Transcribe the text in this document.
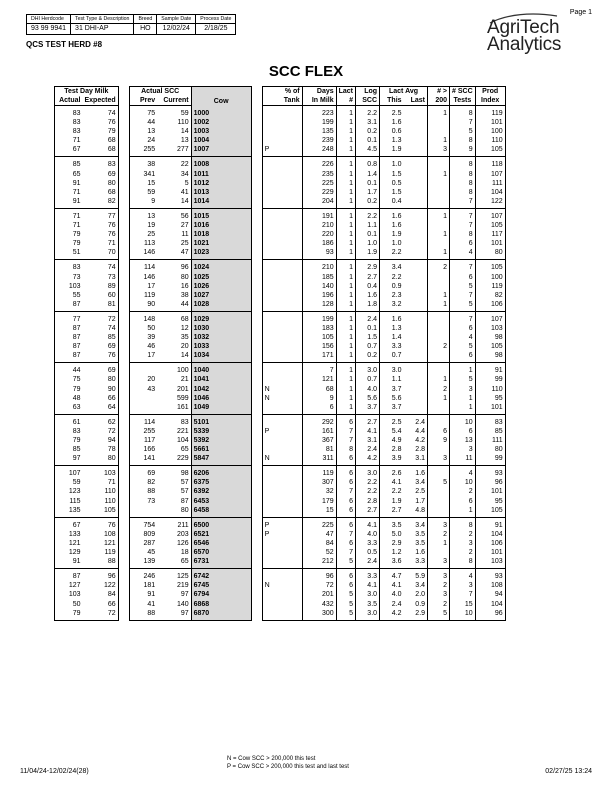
Page 1
DHI Herdcode	Test Type & Description	Breed	Sample Date	Process Date
93 99 9941	31 DHI-AP	HO	12/02/24	2/18/25
QCS TEST HERD #8
AgriTech
Analytics
SCC FLEX
Test Day Milk			Actual SCC		Cow			% of	Days	Lact	Log	Lact Avg		# >	# SCC	Prod
Actual	Expected		Prev	Current				Tank	In Milk	#	SCC	This	Last	200	Tests	Index
83	74		75	59	1000				223	1	2.2	2.5		1	8	119
83	76		44	110	1002				199	1	3.1	1.6			7	101
83	79		13	14	1003				135	1	0.2	0.6			5	100
71	68		24	13	1004				239	1	0.1	1.3		1	8	110
67	68		255	277	1007		P		248	1	4.5	1.9		3	9	105
85	83		38	22	1008				226	1	0.8	1.0			8	118
65	69		341	34	1011				235	1	1.4	1.5		1	8	107
91	80		15	5	1012				225	1	0.1	0.5			8	111
71	68		59	41	1013				229	1	1.7	1.5			8	104
91	82		9	14	1014				204	1	0.2	0.4			7	122
71	77		13	56	1015				191	1	2.2	1.6		1	7	107
71	76		19	27	1016				210	1	1.1	1.6			7	105
79	76		25	11	1018				220	1	0.1	1.9		1	8	117
79	71		113	25	1021				186	1	1.0	1.0			6	101
51	70		146	47	1023				93	1	1.9	2.2		1	4	80
83	74		114	96	1024				210	1	2.9	3.4		2	7	105
73	73		146	80	1025				185	1	2.7	2.2			6	100
103	89		17	16	1026				140	1	0.4	0.9			5	119
55	60		119	38	1027				196	1	1.6	2.3		1	7	82
87	81		90	44	1028				128	1	1.8	3.2		1	5	106
77	72		148	68	1029				199	1	2.4	1.6			7	107
87	74		50	12	1030				183	1	0.1	1.3			6	103
87	85		39	35	1032				105	1	1.5	1.4			4	98
87	69		46	20	1033				156	1	0.7	3.3		2	5	105
87	76		17	14	1034				171	1	0.2	0.7			6	98
44	69			100	1040				7	1	3.0	3.0			1	91
75	80		20	21	1041				121	1	0.7	1.1		1	5	99
79	90		43	201	1042		N		68	1	4.0	3.7		2	3	110
48	66			599	1046		N		9	1	5.6	5.6		1	1	95
63	64			161	1049				6	1	3.7	3.7			1	101
61	62		114	83	5101				292	6	2.7	2.5	2.4		10	83
83	72		255	221	5339		P		161	7	4.1	5.4	4.4	6	6	85
79	94		117	104	5392				367	7	3.1	4.9	4.2	9	13	111
85	78		166	65	5661				81	8	2.4	2.8	2.8		3	80
97	80		141	229	5847		N		311	6	4.2	3.9	3.1	3	11	99
107	103		69	98	6206				119	6	3.0	2.6	1.6		4	93
59	71		82	57	6375				307	6	2.2	4.1	3.4	5	10	96
123	110		88	57	6392				32	7	2.2	2.2	2.5		2	101
115	110		73	87	6453				179	6	2.8	1.9	1.7		6	95
135	105			80	6458				15	6	2.7	2.7	4.8		1	105
67	76		754	211	6500		P		225	6	4.1	3.5	3.4	3	8	91
133	108		809	203	6521		P		47	7	4.0	5.0	3.5	2	2	104
121	121		287	126	6546				84	6	3.3	2.9	3.5	1	3	106
129	119		45	18	6570				52	7	0.5	1.2	1.6		2	101
91	88		139	65	6731				212	5	2.4	3.6	3.3	3	8	103
87	96		246	125	6742				96	6	3.3	4.7	5.9	3	4	93
127	122		181	219	6745		N		72	6	4.1	4.1	3.4	2	3	108
103	84		91	97	6794				201	5	3.0	4.0	2.0	3	7	94
50	66		41	140	6868				432	5	3.5	2.4	0.9	2	15	104
79	72		88	97	6870				300	5	3.0	4.2	2.9	5	10	96
N = Cow SCC > 200,000 this test
P = Cow SCC > 200,000 this test and last test
11/04/24-12/02/24(28)	02/27/25 13:24
